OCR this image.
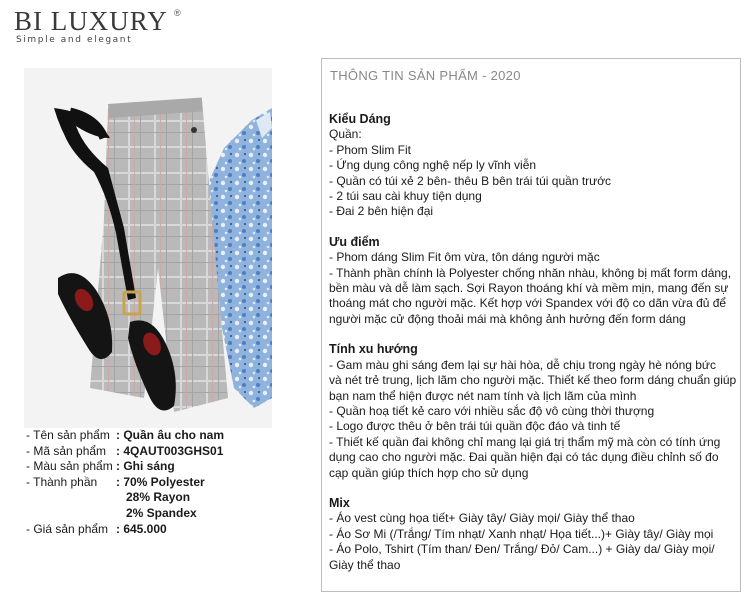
BI LUXURY ®
Simple and elegant
- Tên sản phẩm : Quần âu cho nam
- Mã sản phẩm : 4QAUT003GHS01
- Màu sản phẩm : Ghi sáng
- Thành phần	: 70% Polyester
28% Rayon
2% Spandex
- Giá sản phẩm : 645.000
THÔNG TIN SẢN PHẨM - 2020
Kiểu Dáng
Quần:
- Phom Slim Fit
- Ứng dụng công nghệ nếp ly vĩnh viễn
- Quần có túi xẻ 2 bên- thêu B bên trái túi quần trước
- 2 túi sau cài khuy tiện dụng
- Đai 2 bên hiện đại
Ưu điểm
- Phom dáng Slim Fit ôm vừa, tôn dáng người mặc
- Thành phần chính là Polyester chống nhăn nhàu, không bị mất form dáng,
bền màu và dễ làm sạch. Sợi Rayon thoáng khí và mềm mịn, mang đến sự
thoáng mát cho người mặc. Kết hợp với Spandex với độ co dãn vừa đủ để
người mặc cử động thoải mái mà không ảnh hưởng đến form dáng
Tính xu hướng
- Gam màu ghi sáng đem lại sự hài hòa, dễ chịu trong ngày hè nóng bức
và nét trẻ trung, lịch lãm cho người mặc. Thiết kế theo form dáng chuẩn giúp
bạn nam thể hiện được nét nam tính và lịch lãm của mình
- Quần hoạ tiết kẻ caro với nhiều sắc độ vô cùng thời thượng
- Logo được thêu ở bên trái túi quần độc đáo và tinh tế
- Thiết kế quần đai không chỉ mang lại giá trị thẩm mỹ mà còn có tính ứng
dụng cao cho người mặc. Đai quần hiện đại có tác dụng điều chỉnh số đo
cạp quần giúp thích hợp cho sử dụng
Mix
- Áo vest cùng họa tiết+ Giày tây/ Giày mọi/ Giày thể thao
- Áo Sơ Mi (/Trắng/ Tím nhạt/ Xanh nhạt/ Họa tiết...)+ Giày tây/ Giày mọi
- Áo Polo, Tshirt (Tím than/ Đen/ Trắng/ Đỏ/ Cam...) + Giày da/ Giày mọi/
Giày thể thao
